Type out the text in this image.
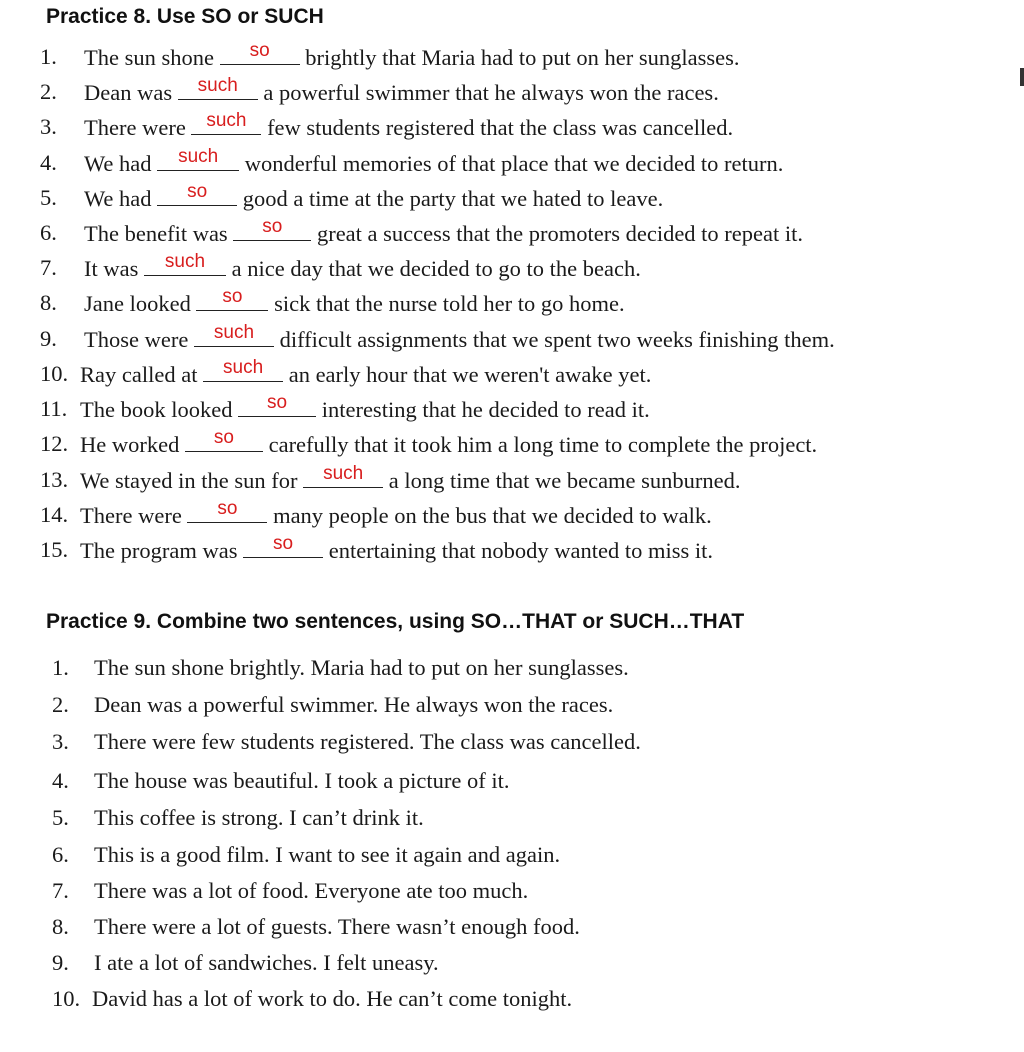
Practice 8. Use SO or SUCH
1. The sun shone	so	brightly that Maria had to put on her sunglasses.
2. Dean was	such a powerful swimmer that he always won the races.
3. There were such few students registered that the class was cancelled.
4. We had	such wonderful memories of that place that we decided to return.
5. We had	so	good a time at the party that we hated to leave.
6. The benefit was	so	great a success that the promoters decided to repeat it.
7. It was	such a nice day that we decided to go to the beach.
8. Jane looked	so	sick that the nurse told her to go home.
9. Those were	such difficult assignments that we spent two weeks finishing them.
10. Ray called at	such an early hour that we weren't awake yet.
11. The book looked	so	interesting that he decided to read it.
12. He worked	so	carefully that it took him a long time to complete the project.
13. We stayed in the sun for	such a long time that we became sunburned.
14. There were	so	many people on the bus that we decided to walk.
15. The program was	so	entertaining that nobody wanted to miss it.
Practice 9. Combine two sentences, using SO…THAT or SUCH…THAT
1. The sun shone brightly. Maria had to put on her sunglasses.
2. Dean was a powerful swimmer. He always won the races.
3. There were few students registered. The class was cancelled.
4. The house was beautiful. I took a picture of it.
5. This coffee is strong. I can’t drink it.
6. This is a good film. I want to see it again and again.
7. There was a lot of food. Everyone ate too much.
8. There were a lot of guests. There wasn’t enough food.
9. I ate a lot of sandwiches. I felt uneasy.
10. David has a lot of work to do. He can’t come tonight.
